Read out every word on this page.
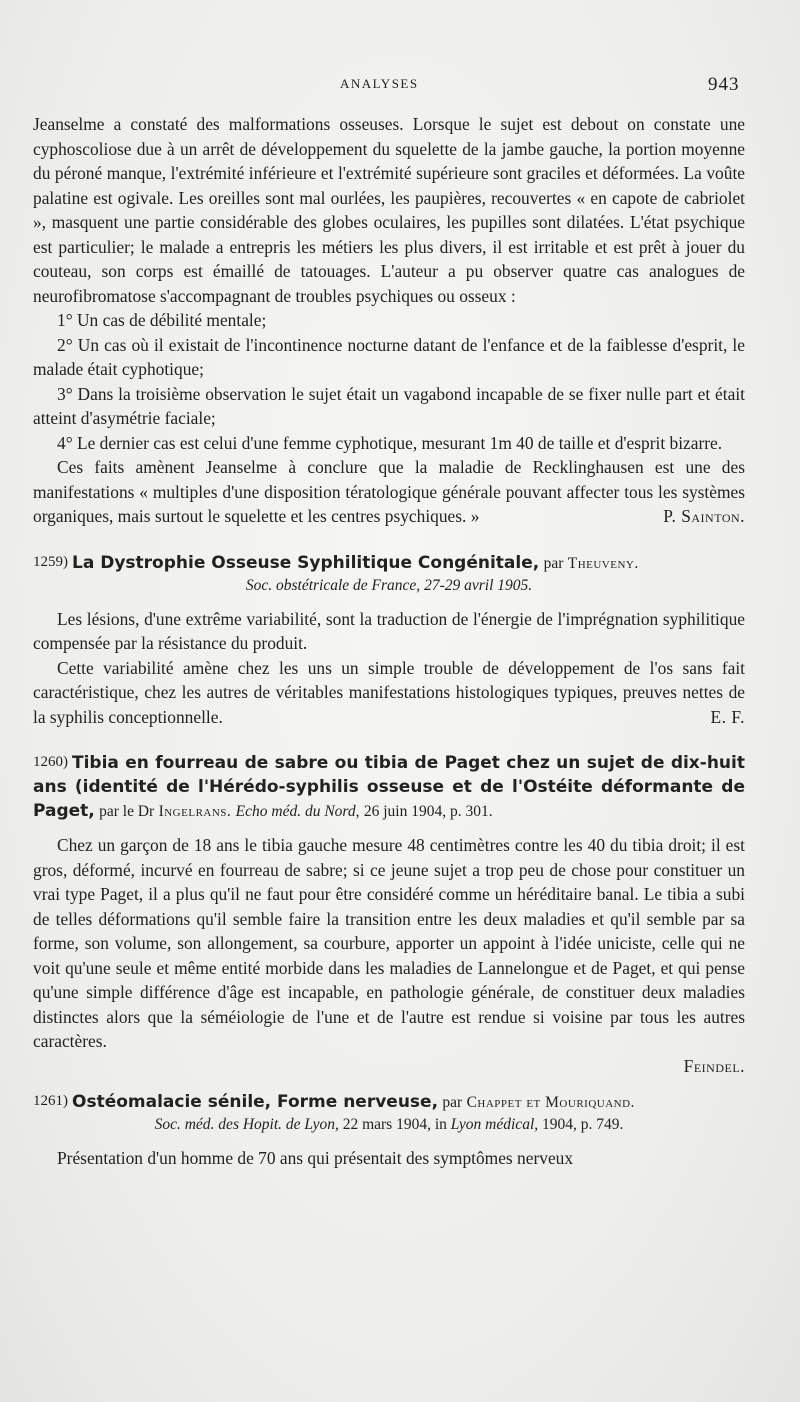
ANALYSES	943

Jeanselme a constaté des malformations osseuses. Lorsque le sujet est debout on constate une cyphoscoliose due à un arrêt de développement du squelette de la jambe gauche, la portion moyenne du péroné manque, l'extrémité inférieure et l'extrémité supérieure sont graciles et déformées. La voûte palatine est ogivale. Les oreilles sont mal ourlées, les paupières, recouvertes « en capote de cabriolet », masquent une partie considérable des globes oculaires, les pupilles sont dilatées. L'état psychique est particulier; le malade a entrepris les métiers les plus divers, il est irritable et est prêt à jouer du couteau, son corps est émaillé de tatouages. L'auteur a pu observer quatre cas analogues de neurofibromatose s'accompagnant de troubles psychiques ou osseux :

1° Un cas de débilité mentale;

2° Un cas où il existait de l'incontinence nocturne datant de l'enfance et de la faiblesse d'esprit, le malade était cyphotique;

3° Dans la troisième observation le sujet était un vagabond incapable de se fixer nulle part et était atteint d'asymétrie faciale;

4° Le dernier cas est celui d'une femme cyphotique, mesurant 1m 40 de taille et d'esprit bizarre.

Ces faits amènent Jeanselme à conclure que la maladie de Recklinghausen est une des manifestations « multiples d'une disposition tératologique générale pouvant affecter tous les systèmes organiques, mais surtout le squelette et les centres psychiques. »	P. Sainton.

1259) La Dystrophie Osseuse Syphilitique Congénitale, par Theuveny.

Soc. obstétricale de France, 27-29 avril 1905.

Les lésions, d'une extrême variabilité, sont la traduction de l'énergie de l'imprégnation syphilitique compensée par la résistance du produit.

Cette variabilité amène chez les uns un simple trouble de développement de l'os sans fait caractéristique, chez les autres de véritables manifestations histologiques typiques, preuves nettes de la syphilis conceptionnelle.	E. F.

1260) Tibia en fourreau de sabre ou tibia de Paget chez un sujet de dix-huit ans (identité de l'Hérédo-syphilis osseuse et de l'Ostéite déformante de Paget, par le Dr Ingelrans. Echo méd. du Nord, 26 juin 1904, p. 301.

Chez un garçon de 18 ans le tibia gauche mesure 48 centimètres contre les 40 du tibia droit; il est gros, déformé, incurvé en fourreau de sabre; si ce jeune sujet a trop peu de chose pour constituer un vrai type Paget, il a plus qu'il ne faut pour être considéré comme un héréditaire banal. Le tibia a subi de telles déformations qu'il semble faire la transition entre les deux maladies et qu'il semble par sa forme, son volume, son allongement, sa courbure, apporter un appoint à l'idée uniciste, celle qui ne voit qu'une seule et même entité morbide dans les maladies de Lannelongue et de Paget, et qui pense qu'une simple différence d'âge est incapable, en pathologie générale, de constituer deux maladies distinctes alors que la séméiologie de l'une et de l'autre est rendue si voisine par tous les autres caractères.

Feindel.

1261) Ostéomalacie sénile, Forme nerveuse, par Chappet et Mouriquand.

Soc. méd. des Hopit. de Lyon, 22 mars 1904, in Lyon médical, 1904, p. 749.

Présentation d'un homme de 70 ans qui présentait des symptômes nerveux
